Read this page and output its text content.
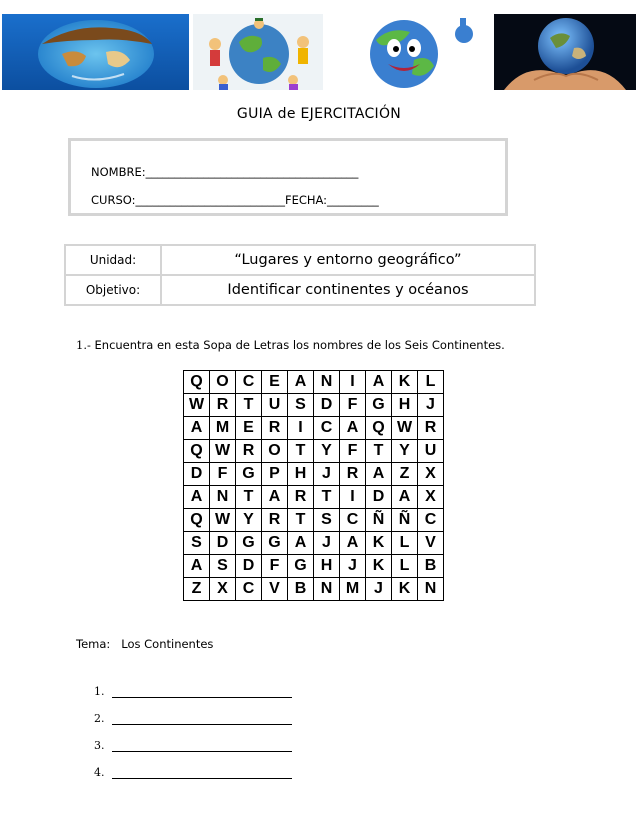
GUIA de EJERCITACIÓN
NOMBRE:_____________________________________
CURSO:__________________________FECHA:_________
Unidad:	“Lugares y entorno geográfico”
Objetivo:	Identificar continentes y océanos
1.- Encuentra en esta Sopa de Letras los nombres de los Seis Continentes.
Q	O	C	E	A	N	I	A	K	L
W	R	T	U	S	D	F	G	H	J
A	M	E	R	I	C	A	Q	W	R
Q	W	R	O	T	Y	F	T	Y	U
D	F	G	P	H	J	R	A	Z	X
A	N	T	A	R	T	I	D	A	X
Q	W	Y	R	T	S	C	Ñ	Ñ	C
S	D	G	G	A	J	A	K	L	V
A	S	D	F	G	H	J	K	L	B
Z	X	C	V	B	N	M	J	K	N
Tema: Los Continentes
1.
2.
3.
4.
